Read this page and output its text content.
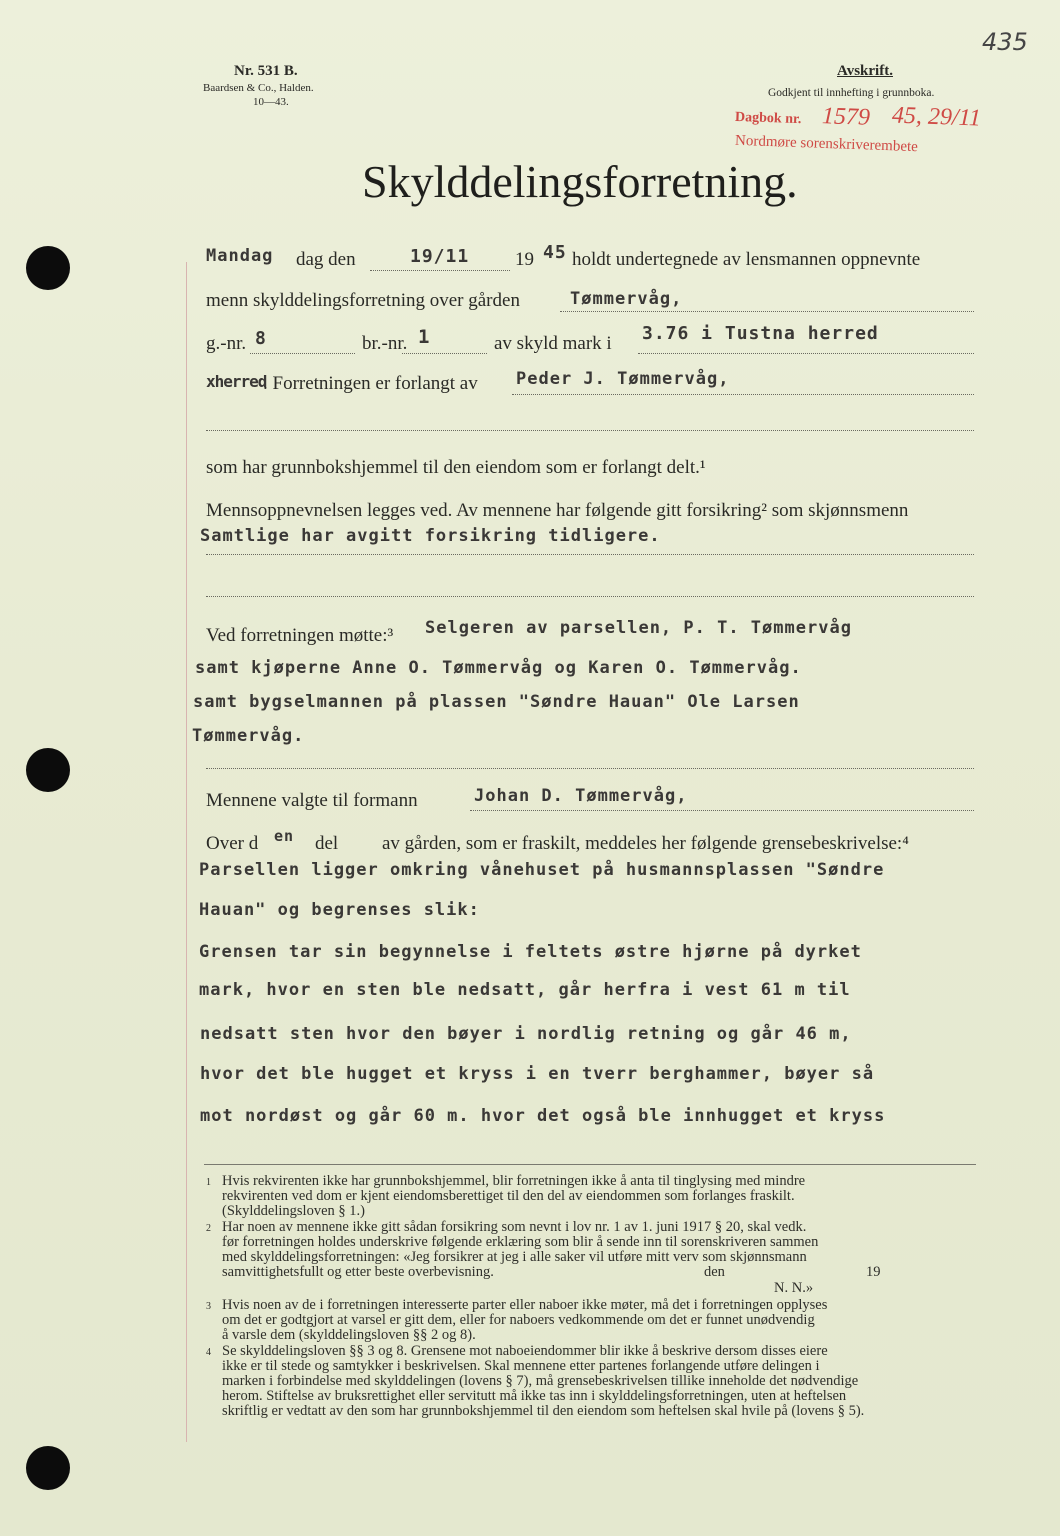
Nr. 531 B.
Baardsen & Co., Halden.
10—43.
Avskrift.
Godkjent til innhefting i grunnboka.
435
Dagbok nr. 1579 45, 29/11
Nordmøre sorenskriverembete
Skylddelingsforretning.
Mandag dag den	19/11 19 45 holdt undertegnede av lensmannen oppnevnte
menn skylddelingsforretning over gården	Tømmervåg,
g.-nr. 8	br.-nr. 1	av skyld mark i 3.76 i Tustna herred
xherred
. Forretningen er forlangt av Peder J. Tømmervåg,
som har grunnbokshjemmel til den eiendom som er forlangt delt.¹
Mennsoppnevnelsen legges ved. Av mennene har følgende gitt forsikring² som skjønnsmenn
Samtlige har avgitt forsikring tidligere.
Ved forretningen møtte:³ Selgeren av parsellen, P. T. Tømmervåg
samt kjøperne Anne O. Tømmervåg og Karen O. Tømmervåg.
samt bygselmannen på plassen "Søndre Hauan" Ole Larsen
Tømmervåg.
Mennene valgte til formann	Johan D. Tømmervåg,
Over d en del av gården, som er fraskilt, meddeles her følgende grensebeskrivelse:⁴
Parsellen ligger omkring vånehuset på husmannsplassen "Søndre
Hauan" og begrenses slik:
Grensen tar sin begynnelse i feltets østre hjørne på dyrket
mark, hvor en sten ble nedsatt, går herfra i vest 61 m til
nedsatt sten hvor den bøyer i nordlig retning og går 46 m,
hvor det ble hugget et kryss i en tverr berghammer, bøyer så
mot nordøst og går 60 m. hvor det også ble innhugget et kryss
1 Hvis rekvirenten ikke har grunnbokshjemmel, blir forretningen ikke å anta til tinglysing med mindre
rekvirenten ved dom er kjent eiendomsberettiget til den del av eiendommen som forlanges fraskilt.
(Skylddelingsloven § 1.)
2 Har noen av mennene ikke gitt sådan forsikring som nevnt i lov nr. 1 av 1. juni 1917 § 20, skal vedk.
før forretningen holdes underskrive følgende erklæring som blir å sende inn til sorenskriveren sammen
med skylddelingsforretningen: «Jeg forsikrer at jeg i alle saker vil utføre mitt verv som skjønnsmann
samvittighetsfullt og etter beste overbevisning.	den	19
N. N.»
3 Hvis noen av de i forretningen interesserte parter eller naboer ikke møter, må det i forretningen opplyses
om det er godtgjort at varsel er gitt dem, eller for naboers vedkommende om det er funnet unødvendig
å varsle dem (skylddelingsloven §§ 2 og 8).
4 Se skylddelingsloven §§ 3 og 8. Grensene mot naboeiendommer blir ikke å beskrive dersom disses eiere
ikke er til stede og samtykker i beskrivelsen. Skal mennene etter partenes forlangende utføre delingen i
marken i forbindelse med skylddelingen (lovens § 7), må grensebeskrivelsen tillike inneholde det nødvendige
herom. Stiftelse av bruksrettighet eller servitutt må ikke tas inn i skylddelingsforretningen, uten at heftelsen
skriftlig er vedtatt av den som har grunnbokshjemmel til den eiendom som heftelsen skal hvile på (lovens § 5).
